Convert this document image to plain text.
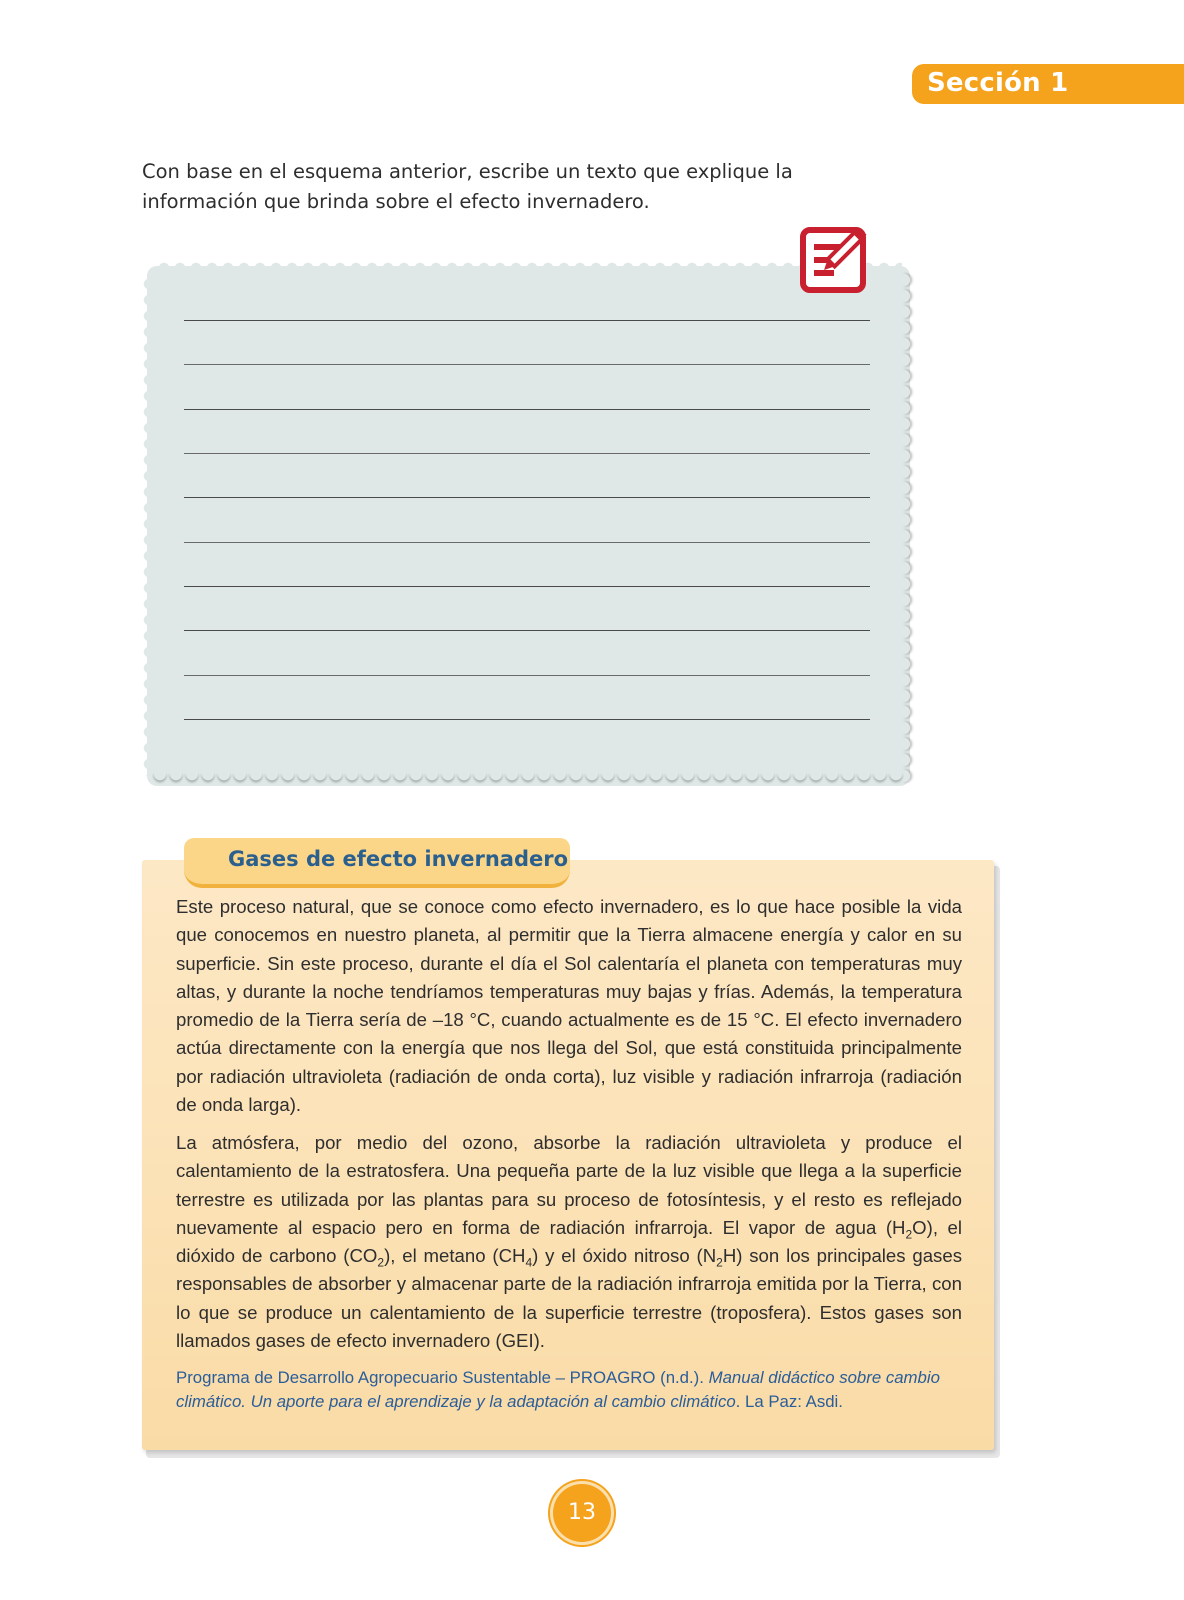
Sección 1
Con base en el esquema anterior, escribe un texto que explique la información que brinda sobre el efecto invernadero.
Gases de efecto invernadero

Este proceso natural, que se conoce como efecto invernadero, es lo que hace posible la vida que conocemos en nuestro planeta, al permitir que la Tierra almacene energía y calor en su superficie. Sin este proceso, durante el día el Sol calentaría el planeta con temperaturas muy altas, y durante la noche tendríamos temperaturas muy bajas y frías. Además, la temperatura promedio de la Tierra sería de –18 °C, cuando actualmente es de 15 °C. El efecto invernadero actúa directamente con la energía que nos llega del Sol, que está constituida principalmente por radiación ultravioleta (radiación de onda corta), luz visible y radiación infrarroja (radiación de onda larga).

La atmósfera, por medio del ozono, absorbe la radiación ultravioleta y produce el calentamiento de la estratosfera. Una pequeña parte de la luz visible que llega a la superficie terrestre es utilizada por las plantas para su proceso de fotosíntesis, y el resto es reflejado nuevamente al espacio pero en forma de radiación infrarroja. El vapor de agua $(H_2O)$, el dióxido de carbono $(CO_2)$, el metano $(CH_4)$ y el óxido nitroso $(N_2H)$ son los principales gases responsables de absorber y almacenar parte de la radiación infrarroja emitida por la Tierra, con lo que se produce un calentamiento de la superficie terrestre (troposfera). Estos gases son llamados gases de efecto invernadero (GEI).

Programa de Desarrollo Agropecuario Sustentable – PROAGRO (n.d.). Manual didáctico sobre cambio climático. Un aporte para el aprendizaje y la adaptación al cambio climático. La Paz: Asdi.

13
